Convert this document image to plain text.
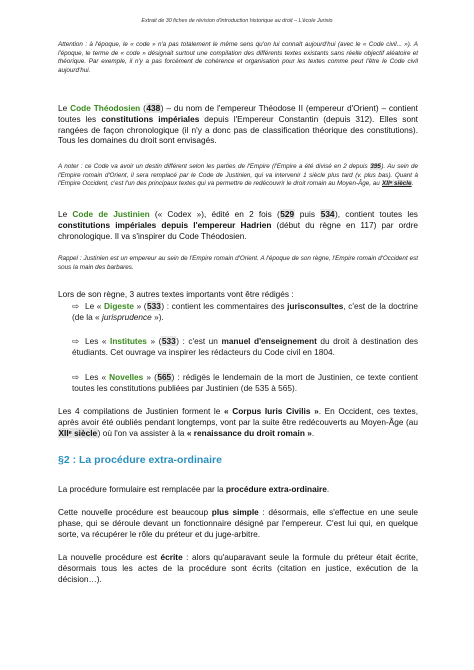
Extrait de 30 fiches de révision d'introduction historique au droit – L'école Jurixio

Attention : à l'époque, le « code » n'a pas totalement le même sens qu'on lui connaît aujourd'hui (avec le « Code civil... »). A l'époque, le terme de « code » désignait surtout une compilation des différents textes existants sans réelle objectif aléatoire et théorique. Par exemple, il n'y a pas forcément de cohérence et organisation pour les textes comme peut l'être le Code civil aujourd'hui.

Le Code Théodosien (438) – du nom de l'empereur Théodose II (empereur d'Orient) – contient toutes les constitutions impériales depuis l'Empereur Constantin (depuis 312). Elles sont rangées de façon chronologique (il n'y a donc pas de classification théorique des constitutions). Tous les domaines du droit sont envisagés.

A noter : ce Code va avoir un destin différent selon les parties de l'Empire (l'Empire a été divisé en 2 depuis 395). Au sein de l'Empire romain d'Orient, il sera remplacé par le Code de Justinien, qui va intervenir 1 siècle plus tard (v. plus bas). Quant à l'Empire Occident, c'est l'un des principaux textes qui va permettre de redécouvrir le droit romain au Moyen-Âge, au XIIᵉ siècle.

Le Code de Justinien (« Codex »), édité en 2 fois (529 puis 534), contient toutes les constitutions impériales depuis l'empereur Hadrien (début du règne en 117) par ordre chronologique. Il va s'inspirer du Code Théodosien.

Rappel : Justinien est un empereur au sein de l'Empire romain d'Orient. A l'époque de son règne, l'Empire romain d'Occident est sous la main des barbares.

Lors de son règne, 3 autres textes importants vont être rédigés :

⇨ Le « Digeste » (533) : contient les commentaires des jurisconsultes, c'est de la doctrine (de la « jurisprudence »).
⇨ Les « Institutes » (533) : c'est un manuel d'enseignement du droit à destination des étudiants. Cet ouvrage va inspirer les rédacteurs du Code civil en 1804.
⇨ Les « Novelles » (565) : rédigés le lendemain de la mort de Justinien, ce texte contient toutes les constitutions publiées par Justinien (de 535 à 565).

Les 4 compilations de Justinien forment le « Corpus Iuris Civilis ». En Occident, ces textes, après avoir été oubliés pendant longtemps, vont par la suite être redécouverts au Moyen-Âge (au XIIᵉ siècle) où l'on va assister à la « renaissance du droit romain ».

§2 : La procédure extra-ordinaire

La procédure formulaire est remplacée par la procédure extra-ordinaire.

Cette nouvelle procédure est beaucoup plus simple : désormais, elle s'effectue en une seule phase, qui se déroule devant un fonctionnaire désigné par l'empereur. C'est lui qui, en quelque sorte, va récupérer le rôle du préteur et du juge-arbitre.

La nouvelle procédure est écrite : alors qu'auparavant seule la formule du préteur était écrite, désormais tous les actes de la procédure sont écrits (citation en justice, exécution de la décision…).
